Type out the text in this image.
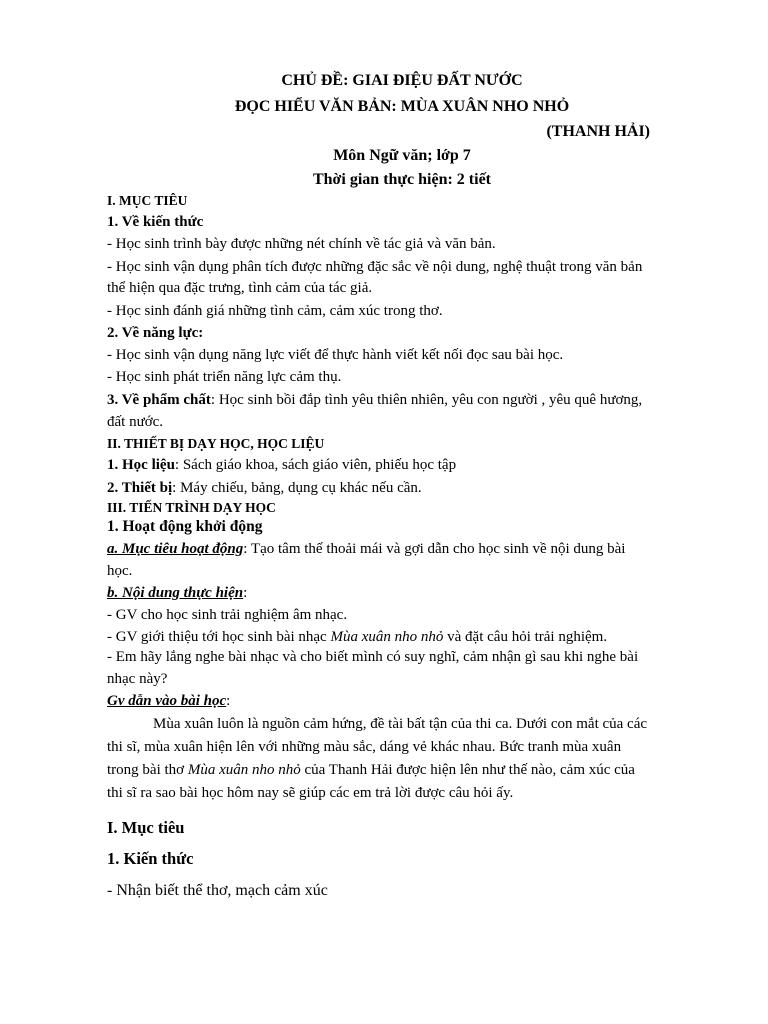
CHỦ ĐỀ: GIAI ĐIỆU ĐẤT NƯỚC
ĐỌC HIỂU VĂN BẢN: MÙA XUÂN NHO NHỎ
(THANH HẢI)
Môn Ngữ văn; lớp 7
Thời gian thực hiện: 2 tiết
I. MỤC TIÊU
1. Về kiến thức
- Học sinh trình bày được những nét chính về tác giả và văn bản.
- Học sinh vận dụng phân tích được những đặc sắc về nội dung, nghệ thuật trong văn bản
thể hiện qua đặc trưng, tình cảm của tác giả.
- Học sinh đánh giá những tình cảm, cảm xúc trong thơ.
2. Về năng lực:
- Học sinh vận dụng năng lực viết để thực hành viết kết nối đọc sau bài học.
- Học sinh phát triển năng lực cảm thụ.
3. Về phẩm chất: Học sinh bồi đắp tình yêu thiên nhiên, yêu con người , yêu quê hương,
đất nước.
II. THIẾT BỊ DẠY HỌC, HỌC LIỆU
1. Học liệu: Sách giáo khoa, sách giáo viên, phiếu học tập
2. Thiết bị: Máy chiếu, bảng, dụng cụ khác nếu cần.
III. TIẾN TRÌNH DẠY HỌC
1. Hoạt động khởi động
a. Mục tiêu hoạt động: Tạo tâm thế thoải mái và gợi dẫn cho học sinh về nội dung bài
học.
b. Nội dung thực hiện:
- GV cho học sinh trải nghiệm âm nhạc.
- GV giới thiệu tới học sinh bài nhạc Mùa xuân nho nhỏ và đặt câu hỏi trải nghiệm.
- Em hãy lắng nghe bài nhạc và cho biết mình có suy nghĩ, cảm nhận gì sau khi nghe bài
nhạc này?
Gv dẫn vào bài học:
Mùa xuân luôn là nguồn cảm hứng, đề tài bất tận của thi ca. Dưới con mắt của các
thi sĩ, mùa xuân hiện lên với những màu sắc, dáng vẻ khác nhau. Bức tranh mùa xuân
trong bài thơ Mùa xuân nho nhỏ của Thanh Hải được hiện lên như thế nào, cảm xúc của
thi sĩ ra sao bài học hôm nay sẽ giúp các em trả lời được câu hỏi ấy.
I. Mục tiêu
1. Kiến thức
- Nhận biết thể thơ, mạch cảm xúc
